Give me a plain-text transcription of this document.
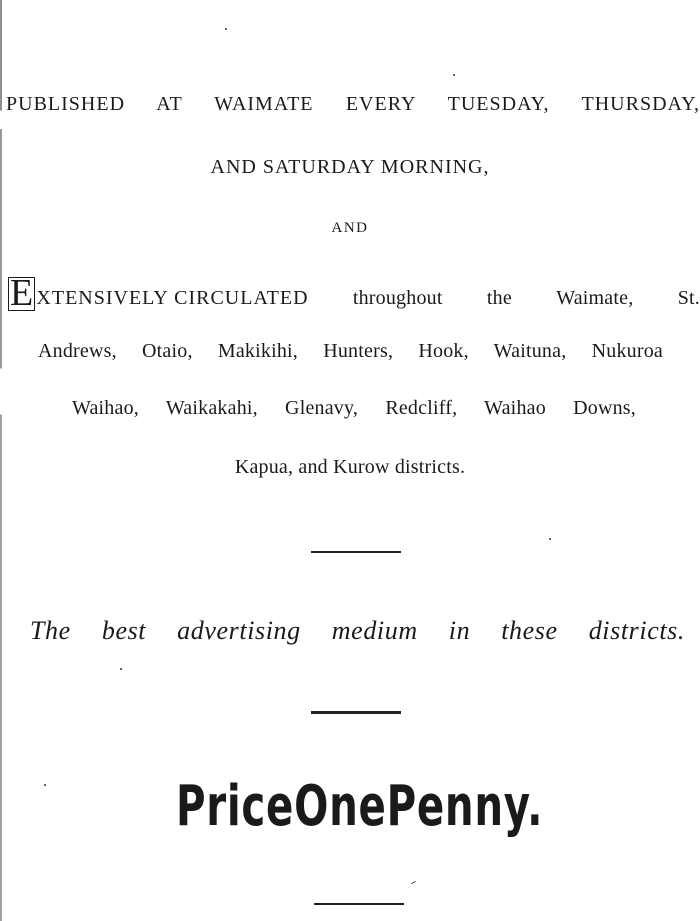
PUBLISHED AT WAIMATE EVERY TUESDAY, THURSDAY,
AND SATURDAY MORNING,
AND
E XTENSIVELY CIRCULATED throughout the Waimate, St.
Andrews, Otaio, Makikihi, Hunters, Hook, Waituna, Nukuroa
Waihao, Waikakahi, Glenavy, Redcliff, Waihao Downs,
Kapua, and Kurow districts.
The best advertising medium in these districts.
Price One Penny.
